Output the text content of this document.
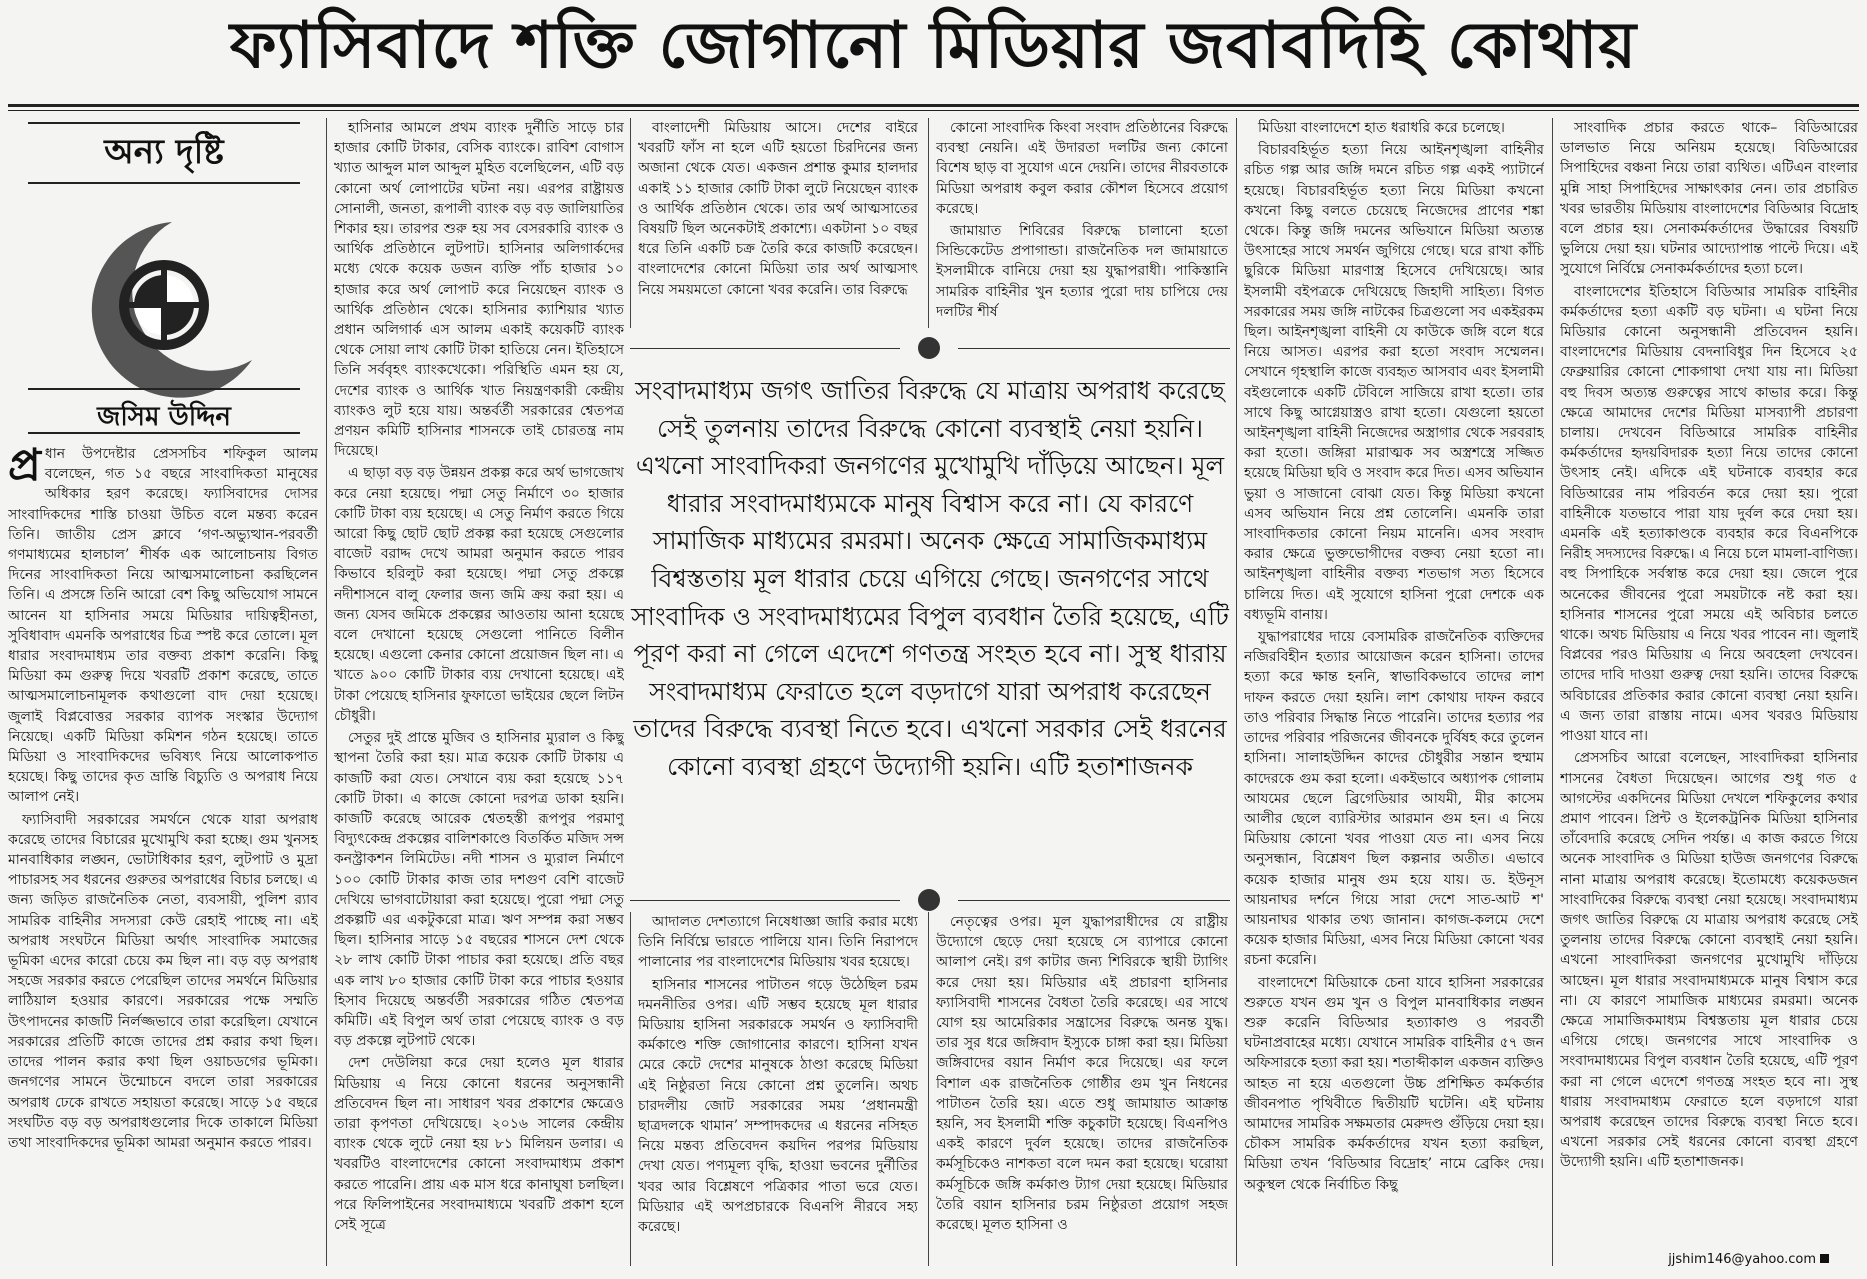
ফ্যাসিবাদে শক্তি জোগানো মিডিয়ার জবাবদিহি কোথায়
অন্য দৃষ্টি
জসিম উদ্দিন

প্র ধান উপদেষ্টার প্রেসসচিব শফিকুল আলম বলেছেন, গত ১৫ বছরে সাংবাদিকতা মানুষের অধিকার হরণ করেছে। ফ্যাসিবাদের দোসর সাংবাদিকদের শাস্তি চাওয়া উচিত বলে মন্তব্য করেন তিনি। জাতীয় প্রেস ক্লাবে ‘গণ-অভ্যুত্থান-পরবর্তী গণমাধ্যমের হালচাল’ শীর্ষক এক আলোচনায় বিগত দিনের সাংবাদিকতা নিয়ে আত্মসমালোচনা করছিলেন তিনি। এ প্রসঙ্গে তিনি আরো বেশ কিছু অভিযোগ সামনে আনেন যা হাসিনার সময়ে মিডিয়ার দায়িত্বহীনতা, সুবিধাবাদ এমনকি অপরাধের চিত্র স্পষ্ট করে তোলে। মূল ধারার সংবাদমাধ্যম তার বক্তব্য প্রকাশ করেনি। কিছু মিডিয়া কম গুরুত্ব দিয়ে খবরটি প্রকাশ করেছে, তাতে আত্মসমালোচনামূলক কথাগুলো বাদ দেয়া হয়েছে। জুলাই বিপ্লবোত্তর সরকার ব্যাপক সংস্কার উদ্যোগ নিয়েছে। একটি মিডিয়া কমিশন গঠন হয়েছে। তাতে মিডিয়া ও সাংবাদিকদের ভবিষ্যৎ নিয়ে আলোকপাত হয়েছে। কিছু তাদের কৃত ভ্রান্তি বিচ্যুতি ও অপরাধ নিয়ে আলাপ নেই।

ফ্যাসিবাদী সরকারের সমর্থনে থেকে যারা অপরাধ করেছে তাদের বিচারের মুখোমুখি করা হচ্ছে। গুম খুনসহ মানবাধিকার লঙ্ঘন, ভোটাধিকার হরণ, লুটপাট ও মুদ্রা পাচারসহ সব ধরনের গুরুতর অপরাধের বিচার চলছে। এ জন্য জড়িত রাজনৈতিক নেতা, ব্যবসায়ী, পুলিশ র‌্যাব সামরিক বাহিনীর সদস্যরা কেউ রেহাই পাচ্ছে না। এই অপরাধ সংঘটনে মিডিয়া অর্থাৎ সাংবাদিক সমাজের ভূমিকা এদের কারো চেয়ে কম ছিল না। বড় বড় অপরাধ সহজে সরকার করতে পেরেছিল তাদের সমর্থনে মিডিয়ার লাঠিয়াল হওয়ার কারণে। সরকারের পক্ষে সম্মতি উৎপাদনের কাজটি নির্লজ্জভাবে তারা করেছিল। যেখানে সরকারের প্রতিটি কাজে তাদের প্রশ্ন করার কথা ছিল। তাদের পালন করার কথা ছিল ওয়াচডগের ভূমিকা। জনগণের সামনে উন্মোচনে বদলে তারা সরকারের অপরাধ ঢেকে রাখতে সহায়তা করেছে। সাড়ে ১৫ বছরে সংঘটিত বড় বড় অপরাধগুলোর দিকে তাকালে মিডিয়া তথা সাংবাদিকদের ভূমিকা আমরা অনুমান করতে পারব।

হাসিনার আমলে প্রথম ব্যাংক দুর্নীতি সাড়ে চার হাজার কোটি টাকার, বেসিক ব্যাংকে। রাবিশ বোগাস খ্যাত আব্দুল মাল আব্দুল মুহিত বলেছিলেন, এটি বড় কোনো অর্থ লোপাটের ঘটনা নয়। এরপর রাষ্ট্রায়ত্ত সোনালী, জনতা, রূপালী ব্যাংক বড় বড় জালিয়াতির শিকার হয়। তারপর শুরু হয় সব বেসরকারি ব্যাংক ও আর্থিক প্রতিষ্ঠানে লুটপাট। হাসিনার অলিগার্কদের মধ্যে থেকে কয়েক ডজন ব্যক্তি পাঁচ হাজার ১০ হাজার করে অর্থ লোপাট করে নিয়েছেন ব্যাংক ও আর্থিক প্রতিষ্ঠান থেকে। হাসিনার ক্যাশিয়ার খ্যাত প্রধান অলিগার্ক এস আলম একাই কয়েকটি ব্যাংক থেকে সোয়া লাখ কোটি টাকা হাতিয়ে নেন। ইতিহাসে তিনি সর্ববৃহৎ ব্যাংকখেকো। পরিস্থিতি এমন হয় যে, দেশের ব্যাংক ও আর্থিক খাত নিয়ন্ত্রণকারী কেন্দ্রীয় ব্যাংকও লুট হয়ে যায়। অন্তর্বর্তী সরকারের শ্বেতপত্র প্রণয়ন কমিটি হাসিনার শাসনকে তাই চোরতন্ত্র নাম দিয়েছে।

এ ছাড়া বড় বড় উন্নয়ন প্রকল্প করে অর্থ ভাগজোখ করে নেয়া হয়েছে। পদ্মা সেতু নির্মাণে ৩০ হাজার কোটি টাকা ব্যয় হয়েছে। এ সেতু নির্মাণ করতে গিয়ে আরো কিছু ছোট ছোট প্রকল্প করা হয়েছে সেগুলোর বাজেট বরাদ্দ দেখে আমরা অনুমান করতে পারব কিভাবে হরিলুট করা হয়েছে। পদ্মা সেতু প্রকল্পে নদীশাসনে বালু ফেলার জন্য জমি ক্রয় করা হয়। এ জন্য যেসব জমিকে প্রকল্পের আওতায় আনা হয়েছে বলে দেখানো হয়েছে সেগুলো পানিতে বিলীন হয়েছে। এগুলো কেনার কোনো প্রয়োজন ছিল না। এ খাতে ৯০০ কোটি টাকার ব্যয় দেখানো হয়েছে। এই টাকা পেয়েছে হাসিনার ফুফাতো ভাইয়ের ছেলে লিটন চৌধুরী।

সেতুর দুই প্রান্তে মুজিব ও হাসিনার ম্যুরাল ও কিছু স্থাপনা তৈরি করা হয়। মাত্র কয়েক কোটি টাকায় এ কাজটি করা যেত। সেখানে ব্যয় করা হয়েছে ১১৭ কোটি টাকা। এ কাজে কোনো দরপত্র ডাকা হয়নি। কাজটি করেছে আরেক শ্বেতহস্তী রূপপুর পরমাণু বিদ্যুৎকেন্দ্র প্রকল্পের বালিশকাণ্ডে বিতর্কিত মজিদ সন্স কনস্ট্রাকশন লিমিটেড। নদী শাসন ও ম্যুরাল নির্মাণে ১০০ কোটি টাকার কাজ তার দশগুণ বেশি বাজেট দেখিয়ে ভাগবাটোয়ারা করা হয়েছে। পুরো পদ্মা সেতু প্রকল্পটি এর একটুকরো মাত্র। ঋণ সম্পন্ন করা সম্ভব ছিল। হাসিনার সাড়ে ১৫ বছরের শাসনে দেশ থেকে ২৮ লাখ কোটি টাকা পাচার করা হয়েছে। প্রতি বছর এক লাখ ৮০ হাজার কোটি টাকা করে পাচার হওয়ার হিসাব দিয়েছে অন্তর্বর্তী সরকারের গঠিত শ্বেতপত্র কমিটি। এই বিপুল অর্থ তারা পেয়েছে ব্যাংক ও বড় বড় প্রকল্পে লুটপাট থেকে।

দেশ দেউলিয়া করে দেয়া হলেও মূল ধারার মিডিয়ায় এ নিয়ে কোনো ধরনের অনুসন্ধানী প্রতিবেদন ছিল না। সাধারণ খবর প্রকাশের ক্ষেত্রেও তারা কৃপণতা দেখিয়েছে। ২০১৬ সালের কেন্দ্রীয় ব্যাংক থেকে লুটে নেয়া হয় ৮১ মিলিয়ন ডলার। এ খবরটিও বাংলাদেশের কোনো সংবাদমাধ্যম প্রকাশ করতে পারেনি। প্রায় এক মাস ধরে কানাঘুষা চলছিল। পরে ফিলিপাইনের সংবাদমাধ্যমে খবরটি প্রকাশ হলে সেই সূত্রে

বাংলাদেশী মিডিয়ায় আসে। দেশের বাইরে খবরটি ফাঁস না হলে এটি হয়তো চিরদিনের জন্য অজানা থেকে যেত। একজন প্রশান্ত কুমার হালদার একাই ১১ হাজার কোটি টাকা লুটে নিয়েছেন ব্যাংক ও আর্থিক প্রতিষ্ঠান থেকে। তার অর্থ আত্মসাতের বিষয়টি ছিল অনেকটাই প্রকাশ্যে। একটানা ১০ বছর ধরে তিনি একটি চক্র তৈরি করে কাজটি করেছেন। বাংলাদেশের কোনো মিডিয়া তার অর্থ আত্মসাৎ নিয়ে সময়মতো কোনো খবর করেনি। তার বিরুদ্ধে

কোনো সাংবাদিক কিংবা সংবাদ প্রতিষ্ঠানের বিরুদ্ধে ব্যবস্থা নেয়নি। এই উদারতা দলটির জন্য কোনো বিশেষ ছাড় বা সুযোগ এনে দেয়নি। তাদের নীরবতাকে মিডিয়া অপরাধ কবুল করার কৌশল হিসেবে প্রয়োগ করেছে।

জামায়াত শিবিরের বিরুদ্ধে চালানো হতো সিন্ডিকেটেড প্রপাগান্ডা। রাজনৈতিক দল জামায়াতে ইসলামীকে বানিয়ে দেয়া হয় যুদ্ধাপরাধী। পাকিস্তানি সামরিক বাহিনীর খুন হত্যার পুরো দায় চাপিয়ে দেয় দলটির শীর্ষ

সংবাদমাধ্যম জগৎ জাতির বিরুদ্ধে যে মাত্রায় অপরাধ করেছে সেই তুলনায় তাদের বিরুদ্ধে কোনো ব্যবস্থাই নেয়া হয়নি। এখনো সাংবাদিকরা জনগণের মুখোমুখি দাঁড়িয়ে আছেন। মূল ধারার সংবাদমাধ্যমকে মানুষ বিশ্বাস করে না। যে কারণে সামাজিক মাধ্যমের রমরমা। অনেক ক্ষেত্রে সামাজিকমাধ্যম বিশ্বস্ততায় মূল ধারার চেয়ে এগিয়ে গেছে। জনগণের সাথে সাংবাদিক ও সংবাদমাধ্যমের বিপুল ব্যবধান তৈরি হয়েছে, এটি পূরণ করা না গেলে এদেশে গণতন্ত্র সংহত হবে না। সুস্থ ধারায় সংবাদমাধ্যম ফেরাতে হলে বড়দাগে যারা অপরাধ করেছেন তাদের বিরুদ্ধে ব্যবস্থা নিতে হবে। এখনো সরকার সেই ধরনের কোনো ব্যবস্থা গ্রহণে উদ্যোগী হয়নি। এটি হতাশাজনক

আদালত দেশত্যাগে নিষেধাজ্ঞা জারি করার মধ্যে তিনি নির্বিঘ্নে ভারতে পালিয়ে যান। তিনি নিরাপদে পালানোর পর বাংলাদেশের মিডিয়ায় খবর হয়েছে।

হাসিনার শাসনের পাটাতন গড়ে উঠেছিল চরম দমননীতির ওপর। এটি সম্ভব হয়েছে মূল ধারার মিডিয়ায় হাসিনা সরকারকে সমর্থন ও ফ্যাসিবাদী কর্মকাণ্ডে শক্তি জোগানোর কারণে। হাসিনা যখন মেরে কেটে দেশের মানুষকে ঠাণ্ডা করেছে মিডিয়া এই নিষ্ঠুরতা নিয়ে কোনো প্রশ্ন তুলেনি। অথচ চারদলীয় জোট সরকারের সময় ‘প্রধানমন্ত্রী ছাত্রদলকে থামান’ সম্পাদকদের এ ধরনের নসিহত নিয়ে মন্তব্য প্রতিবেদন কয়দিন পরপর মিডিয়ায় দেখা যেত। পণ্যমূল্য বৃদ্ধি, হাওয়া ভবনের দুর্নীতির খবর আর বিশ্লেষণে পত্রিকার পাতা ভরে যেত। মিডিয়ার এই অপপ্রচারকে বিএনপি নীরবে সহ্য করেছে।

নেতৃত্বের ওপর। মূল যুদ্ধাপরাধীদের যে রাষ্ট্রীয় উদ্যোগে ছেড়ে দেয়া হয়েছে সে ব্যাপারে কোনো আলাপ নেই। রগ কাটার জন্য শিবিরকে স্থায়ী ট্যাগিং করে দেয়া হয়। মিডিয়ার এই প্রচারণা হাসিনার ফ্যাসিবাদী শাসনের বৈধতা তৈরি করেছে। এর সাথে যোগ হয় আমেরিকার সন্ত্রাসের বিরুদ্ধে অনন্ত যুদ্ধ। তার সুর ধরে জঙ্গিবাদ ইস্যুকে চাঙ্গা করা হয়। মিডিয়া জঙ্গিবাদের বয়ান নির্মাণ করে দিয়েছে। এর ফলে বিশাল এক রাজনৈতিক গোষ্ঠীর গুম খুন নিধনের পাটাতন তৈরি হয়। এতে শুধু জামায়াত আক্রান্ত হয়নি, সব ইসলামী শক্তি কচুকাটা হয়েছে। বিএনপিও একই কারণে দুর্বল হয়েছে। তাদের রাজনৈতিক কর্মসূচিকেও নাশকতা বলে দমন করা হয়েছে। ঘরোয়া কর্মসূচিকে জঙ্গি কর্মকাণ্ড ট্যাগ দেয়া হয়েছে। মিডিয়ার তৈরি বয়ান হাসিনার চরম নিষ্ঠুরতা প্রয়োগ সহজ করেছে। মূলত হাসিনা ও

মিডিয়া বাংলাদেশে হাত ধরাধরি করে চলেছে।

বিচারবহির্ভূত হত্যা নিয়ে আইনশৃঙ্খলা বাহিনীর রচিত গল্প আর জঙ্গি দমনে রচিত গল্প একই প্যাটার্নে হয়েছে। বিচারবহির্ভূত হত্যা নিয়ে মিডিয়া কখনো কখনো কিছু বলতে চেয়েছে নিজেদের প্রাণের শঙ্কা থেকে। কিন্তু জঙ্গি দমনের অভিযানে মিডিয়া অত্যন্ত উৎসাহের সাথে সমর্থন জুগিয়ে গেছে। ঘরে রাখা কাঁচি ছুরিকে মিডিয়া মারণাস্ত্র হিসেবে দেখিয়েছে। আর ইসলামী বইপত্রকে দেখিয়েছে জিহাদী সাহিত্য। বিগত সরকারের সময় জঙ্গি নাটকের চিত্রগুলো সব একইরকম ছিল। আইনশৃঙ্খলা বাহিনী যে কাউকে জঙ্গি বলে ধরে নিয়ে আসত। এরপর করা হতো সংবাদ সম্মেলন। সেখানে গৃহস্থালি কাজে ব্যবহৃত আসবাব এবং ইসলামী বইগুলোকে একটি টেবিলে সাজিয়ে রাখা হতো। তার সাথে কিছু আগ্নেয়াস্ত্রও রাখা হতো। যেগুলো হয়তো আইনশৃঙ্খলা বাহিনী নিজেদের অস্ত্রাগার থেকে সরবরাহ করা হতো। জঙ্গিরা মারাত্মক সব অস্ত্রশস্ত্রে সজ্জিত হয়েছে মিডিয়া ছবি ও সংবাদ করে দিত। এসব অভিযান ভুয়া ও সাজানো বোঝা যেত। কিন্তু মিডিয়া কখনো এসব অভিযান নিয়ে প্রশ্ন তোলেনি। এমনকি তারা সাংবাদিকতার কোনো নিয়ম মানেনি। এসব সংবাদ করার ক্ষেত্রে ভুক্তভোগীদের বক্তব্য নেয়া হতো না। আইনশৃঙ্খলা বাহিনীর বক্তব্য শতভাগ সত্য হিসেবে চালিয়ে দিত। এই সুযোগে হাসিনা পুরো দেশকে এক বধ্যভূমি বানায়।

যুদ্ধাপরাধের দায়ে বেসামরিক রাজনৈতিক ব্যক্তিদের নজিরবিহীন হত্যার আয়োজন করেন হাসিনা। তাদের হত্যা করে ক্ষান্ত হননি, স্বাভাবিকভাবে তাদের লাশ দাফন করতে দেয়া হয়নি। লাশ কোথায় দাফন করবে তাও পরিবার সিদ্ধান্ত নিতে পারেনি। তাদের হত্যার পর তাদের পরিবার পরিজনের জীবনকে দুর্বিষহ করে তুলেন হাসিনা। সালাহউদ্দিন কাদের চৌধুরীর সন্তান হুম্মাম কাদেরকে গুম করা হলো। একইভাবে অধ্যাপক গোলাম আযমের ছেলে ব্রিগেডিয়ার আযমী, মীর কাসেম আলীর ছেলে ব্যারিস্টার আরমান গুম হন। এ নিয়ে মিডিয়ায় কোনো খবর পাওয়া যেত না। এসব নিয়ে অনুসন্ধান, বিশ্লেষণ ছিল কল্পনার অতীত। এভাবে কয়েক হাজার মানুষ গুম হয়ে যায়। ড. ইউনূস আয়নাঘর দর্শনে গিয়ে সারা দেশে সাত-আট শ' আয়নাঘর থাকার তথ্য জানান। কাগজ-কলমে দেশে কয়েক হাজার মিডিয়া, এসব নিয়ে মিডিয়া কোনো খবর রচনা করেনি।

বাংলাদেশে মিডিয়াকে চেনা যাবে হাসিনা সরকারের শুরুতে যখন গুম খুন ও বিপুল মানবাধিকার লঙ্ঘন শুরু করেনি বিডিআর হত্যাকাণ্ড ও পরবর্তী ঘটনাপ্রবাহের মধ্যে। যেখানে সামরিক বাহিনীর ৫৭ জন অফিসারকে হত্যা করা হয়। শতাব্দীকাল একজন ব্যক্তিও আহত না হয়ে এতগুলো উচ্চ প্রশিক্ষিত কর্মকর্তার জীবনপাত পৃথিবীতে দ্বিতীয়টি ঘটেনি। এই ঘটনায় আমাদের সামরিক সক্ষমতার মেরুদণ্ড গুঁড়িয়ে দেয়া হয়। চৌকস সামরিক কর্মকর্তাদের যখন হত্যা করছিল, মিডিয়া তখন ‘বিডিআর বিদ্রোহ’ নামে ব্রেকিং দেয়। অকুস্থল থেকে নির্বাচিত কিছু

সাংবাদিক প্রচার করতে থাকে– বিডিআরের ডালভাত নিয়ে অনিয়ম হয়েছে। বিডিআরের সিপাহিদের বঞ্চনা নিয়ে তারা ব্যথিত। এটিএন বাংলার মুন্নি সাহা সিপাহিদের সাক্ষাৎকার নেন। তার প্রচারিত খবর ভারতীয় মিডিয়ায় বাংলাদেশের বিডিআর বিদ্রোহ বলে প্রচার হয়। সেনাকর্মকর্তাদের উদ্ধারের বিষয়টি ভুলিয়ে দেয়া হয়। ঘটনার আদ্যোপান্ত পাল্টে দিয়ে। এই সুযোগে নির্বিঘ্নে সেনাকর্মকর্তাদের হত্যা চলে।

বাংলাদেশের ইতিহাসে বিডিআর সামরিক বাহিনীর কর্মকর্তাদের হত্যা একটি বড় ঘটনা। এ ঘটনা নিয়ে মিডিয়ার কোনো অনুসন্ধানী প্রতিবেদন হয়নি। বাংলাদেশের মিডিয়ায় বেদনাবিধুর দিন হিসেবে ২৫ ফেব্রুয়ারির কোনো শোকগাথা দেখা যায় না। মিডিয়া বহু দিবস অত্যন্ত গুরুত্বের সাথে কাভার করে। কিন্তু ক্ষেত্রে আমাদের দেশের মিডিয়া মাসব্যাপী প্রচারণা চালায়। দেখবেন বিডিআরে সামরিক বাহিনীর কর্মকর্তাদের হৃদয়বিদারক হত্যা নিয়ে তাদের কোনো উৎসাহ নেই। এদিকে এই ঘটনাকে ব্যবহার করে বিডিআরের নাম পরিবর্তন করে দেয়া হয়। পুরো বাহিনীকে যতভাবে পারা যায় দুর্বল করে দেয়া হয়। এমনকি এই হত্যাকাণ্ডকে ব্যবহার করে বিএনপিকে নিরীহ সদস্যদের বিরুদ্ধে। এ নিয়ে চলে মামলা-বাণিজ্য। বহু সিপাহিকে সর্বস্বান্ত করে দেয়া হয়। জেলে পুরে অনেকের জীবনের পুরো সময়টাকে নষ্ট করা হয়। হাসিনার শাসনের পুরো সময়ে এই অবিচার চলতে থাকে। অথচ মিডিয়ায় এ নিয়ে খবর পাবেন না। জুলাই বিপ্লবের পরও মিডিয়ায় এ নিয়ে অবহেলা দেখবেন। তাদের দাবি দাওয়া গুরুত্ব দেয়া হয়নি। তাদের বিরুদ্ধে অবিচারের প্রতিকার করার কোনো ব্যবস্থা নেয়া হয়নি। এ জন্য তারা রাস্তায় নামে। এসব খবরও মিডিয়ায় পাওয়া যাবে না।

প্রেসসচিব আরো বলেছেন, সাংবাদিকরা হাসিনার শাসনের বৈধতা দিয়েছেন। আগের শুধু গত ৫ আগস্টের একদিনের মিডিয়া দেখলে শফিকুলের কথার প্রমাণ পাবেন। প্রিন্ট ও ইলেকট্রনিক মিডিয়া হাসিনার তাঁবেদারি করেছে সেদিন পর্যন্ত। এ কাজ করতে গিয়ে অনেক সাংবাদিক ও মিডিয়া হাউজ জনগণের বিরুদ্ধে নানা মাত্রায় অপরাধ করেছে। ইতোমধ্যে কয়েকডজন সাংবাদিকের বিরুদ্ধে ব্যবস্থা নেয়া হয়েছে। সংবাদমাধ্যম জগৎ জাতির বিরুদ্ধে যে মাত্রায় অপরাধ করেছে সেই তুলনায় তাদের বিরুদ্ধে কোনো ব্যবস্থাই নেয়া হয়নি। এখনো সাংবাদিকরা জনগণের মুখোমুখি দাঁড়িয়ে আছেন। মূল ধারার সংবাদমাধ্যমকে মানুষ বিশ্বাস করে না। যে কারণে সামাজিক মাধ্যমের রমরমা। অনেক ক্ষেত্রে সামাজিকমাধ্যম বিশ্বস্ততায় মূল ধারার চেয়ে এগিয়ে গেছে। জনগণের সাথে সাংবাদিক ও সংবাদমাধ্যমের বিপুল ব্যবধান তৈরি হয়েছে, এটি পূরণ করা না গেলে এদেশে গণতন্ত্র সংহত হবে না। সুস্থ ধারায় সংবাদমাধ্যম ফেরাতে হলে বড়দাগে যারা অপরাধ করেছেন তাদের বিরুদ্ধে ব্যবস্থা নিতে হবে। এখনো সরকার সেই ধরনের কোনো ব্যবস্থা গ্রহণে উদ্যোগী হয়নি। এটি হতাশাজনক।

jjshim146@yahoo.com
